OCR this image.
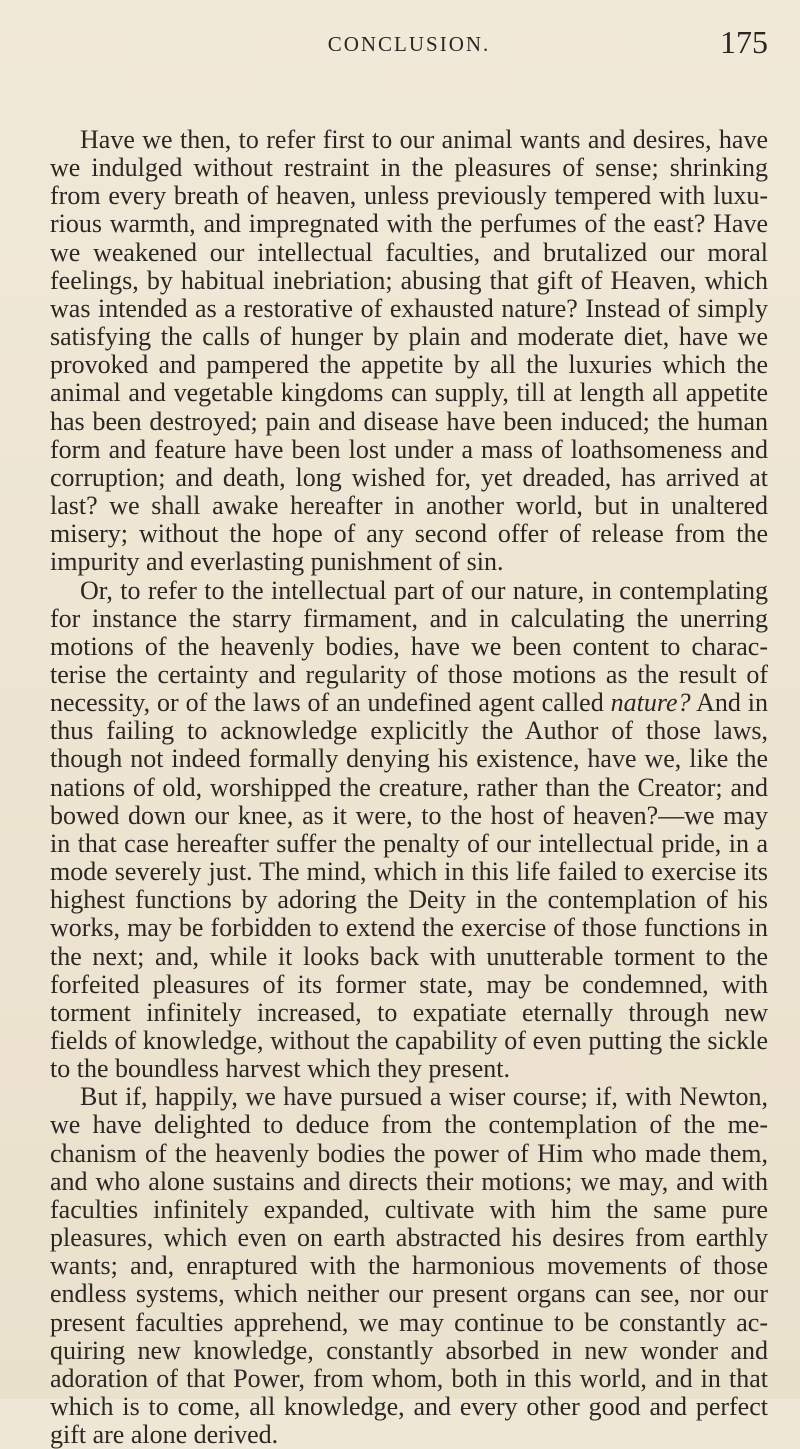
CONCLUSION.	175

Have we then, to refer first to our animal wants and desires, have we indulged without restraint in the pleasures of sense; shrinking from every breath of heaven, unless previously tempered with luxurious warmth, and impregnated with the perfumes of the east? Have we weakened our intellectual faculties, and brutalized our moral feelings, by habitual inebriation; abusing that gift of Heaven, which was intended as a restorative of exhausted nature? Instead of simply satisfying the calls of hunger by plain and moderate diet, have we provoked and pampered the appetite by all the luxuries which the animal and vegetable kingdoms can supply, till at length all appetite has been destroyed; pain and disease have been induced; the human form and feature have been lost under a mass of loathsomeness and corruption; and death, long wished for, yet dreaded, has arrived at last? we shall awake hereafter in another world, but in unaltered misery; without the hope of any second offer of release from the impurity and everlasting punishment of sin.

Or, to refer to the intellectual part of our nature, in contemplating for instance the starry firmament, and in calculating the unerring motions of the heavenly bodies, have we been content to characterise the certainty and regularity of those motions as the result of necessity, or of the laws of an undefined agent called nature? And in thus failing to acknowledge explicitly the Author of those laws, though not indeed formally denying his existence, have we, like the nations of old, worshipped the creature, rather than the Creator; and bowed down our knee, as it were, to the host of heaven?—we may in that case hereafter suffer the penalty of our intellectual pride, in a mode severely just. The mind, which in this life failed to exercise its highest functions by adoring the Deity in the contemplation of his works, may be forbidden to extend the exercise of those functions in the next; and, while it looks back with unutterable torment to the forfeited pleasures of its former state, may be condemned, with torment infinitely increased, to expatiate eternally through new fields of knowledge, without the capability of even putting the sickle to the boundless harvest which they present.

But if, happily, we have pursued a wiser course; if, with Newton, we have delighted to deduce from the contemplation of the mechanism of the heavenly bodies the power of Him who made them, and who alone sustains and directs their motions; we may, and with faculties infinitely expanded, cultivate with him the same pure pleasures, which even on earth abstracted his desires from earthly wants; and, enraptured with the harmonious movements of those endless systems, which neither our present organs can see, nor our present faculties apprehend, we may continue to be constantly acquiring new knowledge, constantly absorbed in new wonder and adoration of that Power, from whom, both in this world, and in that which is to come, all knowledge, and every other good and perfect gift are alone derived.
